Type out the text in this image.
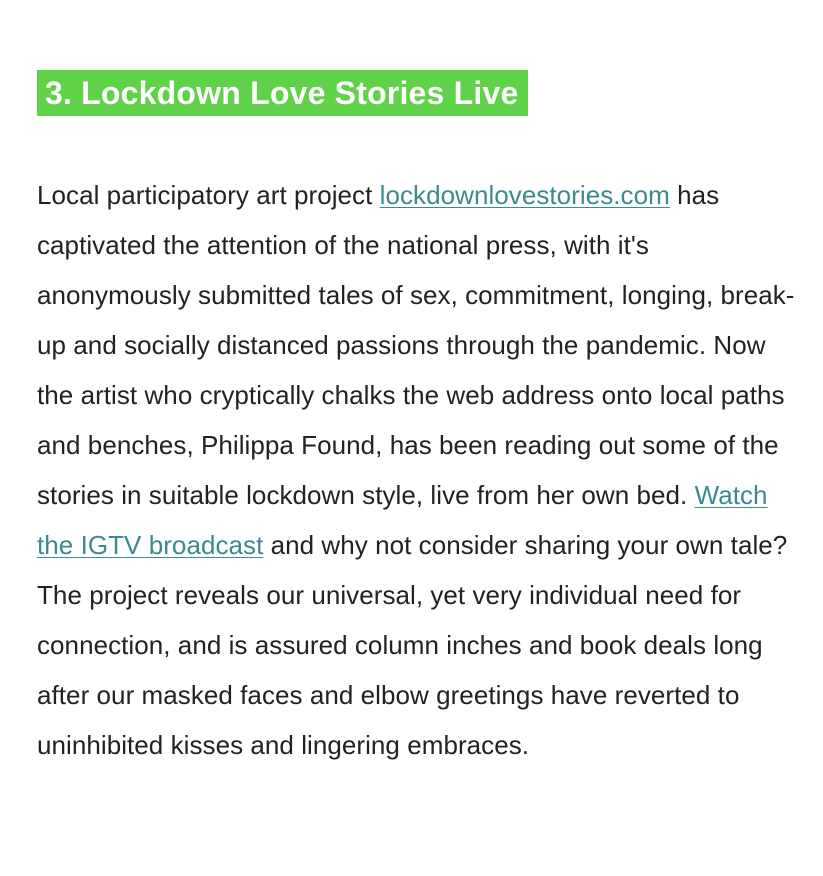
3. Lockdown Love Stories Live

Local participatory art project lockdownlovestories.com has captivated the attention of the national press, with it's anonymously submitted tales of sex, commitment, longing, break-up and socially distanced passions through the pandemic. Now the artist who cryptically chalks the web address onto local paths and benches, Philippa Found, has been reading out some of the stories in suitable lockdown style, live from her own bed. Watch the IGTV broadcast and why not consider sharing your own tale? The project reveals our universal, yet very individual need for connection, and is assured column inches and book deals long after our masked faces and elbow greetings have reverted to uninhibited kisses and lingering embraces.
